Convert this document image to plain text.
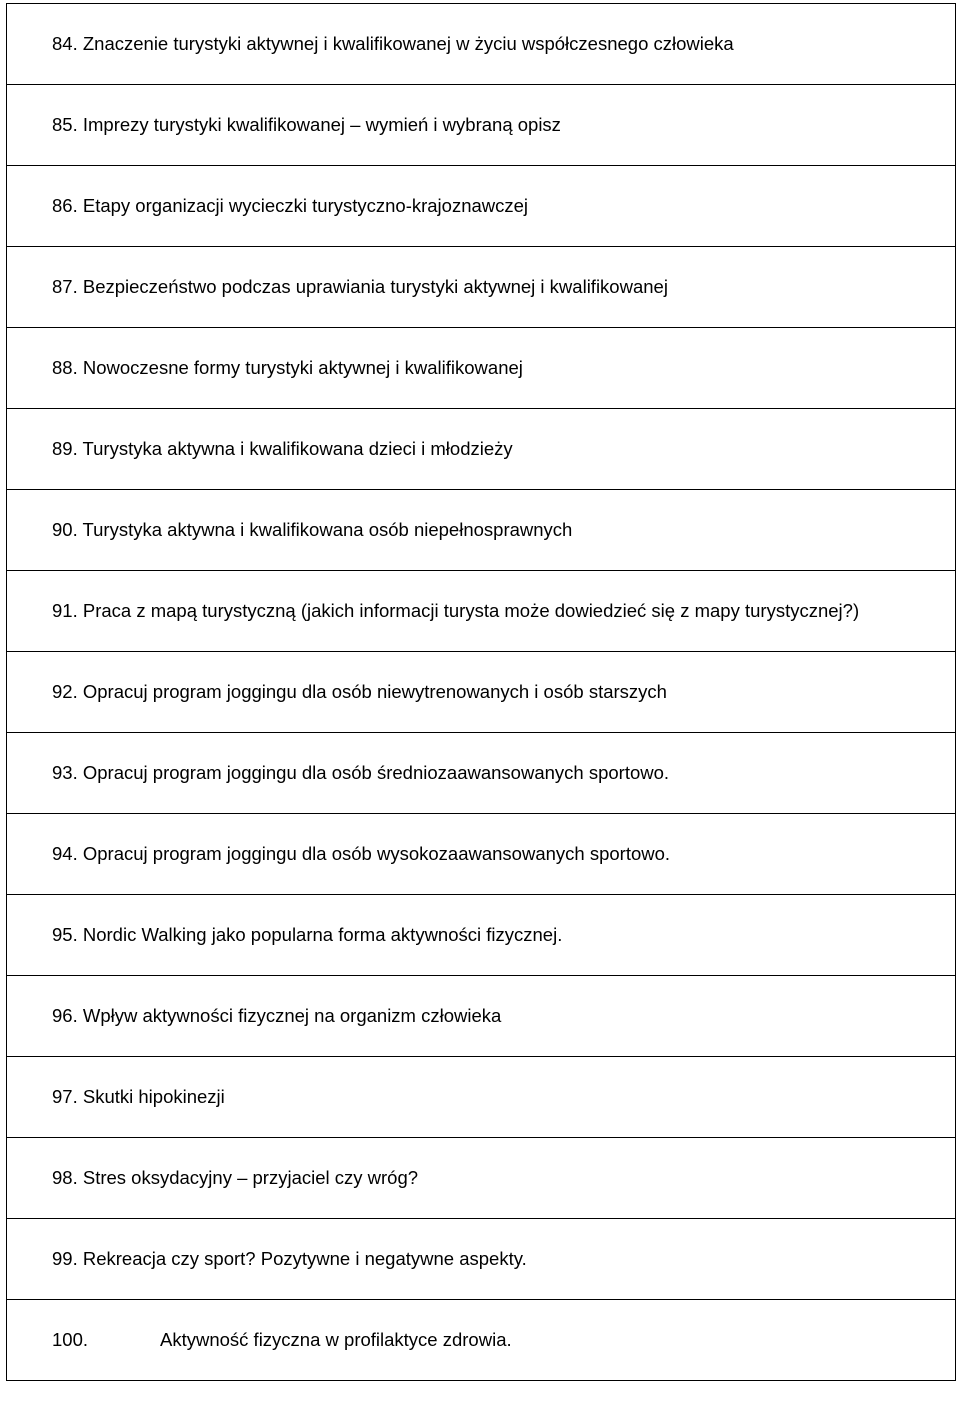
84. Znaczenie turystyki aktywnej i kwalifikowanej w życiu współczesnego człowieka
85. Imprezy turystyki kwalifikowanej – wymień i wybraną opisz
86. Etapy organizacji wycieczki turystyczno-krajoznawczej
87. Bezpieczeństwo podczas uprawiania turystyki aktywnej i kwalifikowanej
88. Nowoczesne formy turystyki aktywnej i kwalifikowanej
89. Turystyka aktywna i kwalifikowana dzieci i młodzieży
90. Turystyka aktywna i kwalifikowana osób niepełnosprawnych
91. Praca z mapą turystyczną (jakich informacji turysta może dowiedzieć się z mapy turystycznej?)
92. Opracuj program joggingu dla osób niewytrenowanych i osób starszych
93. Opracuj program joggingu dla osób średniozaawansowanych sportowo.
94. Opracuj program joggingu dla osób wysokozaawansowanych sportowo.
95. Nordic Walking jako popularna forma aktywności fizycznej.
96. Wpływ aktywności fizycznej na organizm człowieka
97. Skutki hipokinezji
98. Stres oksydacyjny – przyjaciel czy wróg?
99. Rekreacja czy sport? Pozytywne i negatywne aspekty.
100.	Aktywność fizyczna w profilaktyce zdrowia.
